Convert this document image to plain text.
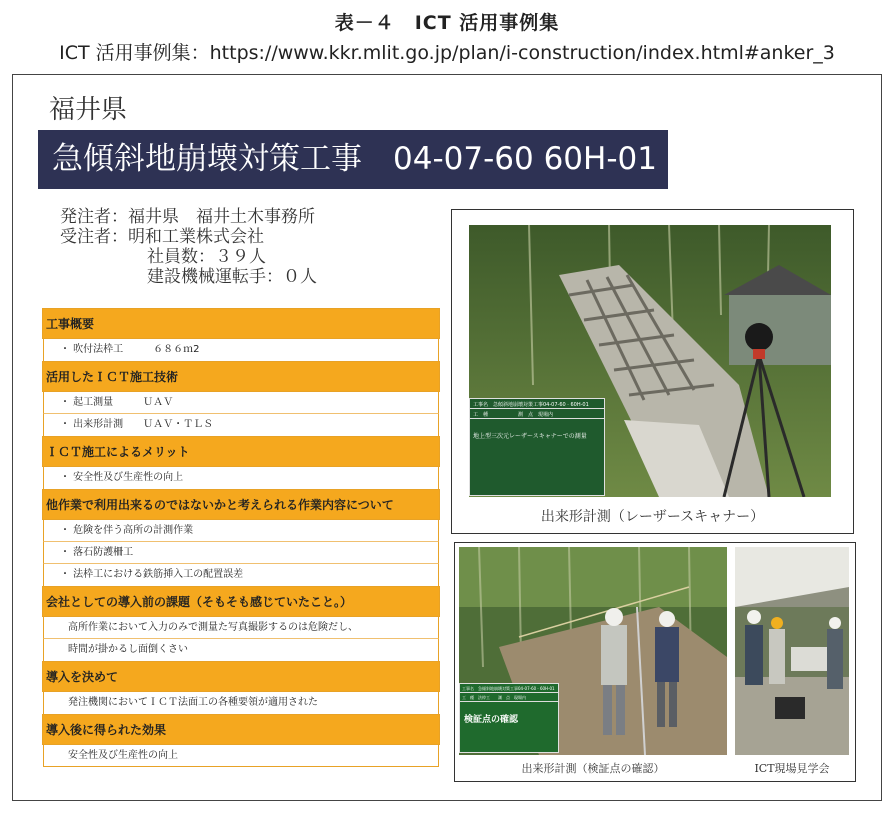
表－４　ICT 活用事例集
ICT 活用事例集：https://www.kkr.mlit.go.jp/plan/i-construction/index.html#anker_3
福井県
急傾斜地崩壊対策工事　04-07-60 60H-01
発注者：福井県　福井土木事務所
受注者：明和工業株式会社
社員数：３９人
建設機械運転手：０人
工事概要
・ 吹付法枠工　　　６８６ｍ2
活用したＩＣＴ施工技術
・ 起工測量　　　ＵＡＶ
・ 出来形計測　　ＵＡＶ・ＴＬＳ
ＩＣＴ施工によるメリット
・ 安全性及び生産性の向上
他作業で利用出来るのではないかと考えられる作業内容について
・ 危険を伴う高所の計測作業
・ 落石防護柵工
・ 法枠工における鉄筋挿入工の配置誤差
会社としての導入前の課題（そもそも感じていたこと。）
高所作業において入力のみで測量た写真撮影するのは危険だし、
時間が掛かるし面倒くさい
導入を決めて
発注機関においてＩＣＴ法面工の各種要領が適用された
導入後に得られた効果
安全性及び生産性の向上
工事名　急傾斜地崩壊対策工事04-07-60 · 60H-01
工　種　　　　　　測　点　現場内
地上型三次元レーザースキャナーでの測量
出来形計測（レーザースキャナー）
工事名　急傾斜地崩壊対策工事04-07-60 · 60H-01
工　種　法枠工　　測　点　現場内
検証点の確認
出来形計測（検証点の確認）	ICT現場見学会
